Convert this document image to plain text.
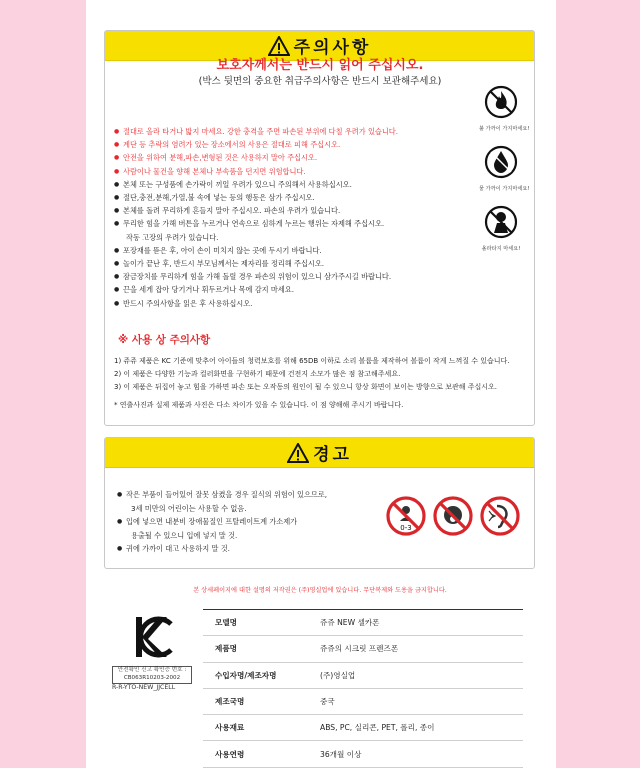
주의사항
보호자께서는 반드시 읽어 주십시오.
(박스 뒷면의 중요한 취급주의사항은 반드시 보관해주세요)
● 절대로 올라 타거나 밟지 마세요. 강한 충격을 주면 파손된 부위에 다칠 우려가 있습니다.
● 계단 등 추락의 염려가 있는 장소에서의 사용은 절대로 피해 주십시오.
● 안전을 위하여 분해,파손,변형된 것은 사용하지 말아 주십시오.
● 사람이나 물건을 향해 본체나 부속품을 던지면 위험합니다.
● 본체 또는 구성품에 손가락이 끼일 우려가 있으니 주의해서 사용하십시오.
● 절단,충전,분해,가열,불 속에 넣는 등의 행동은 삼가 주십시오.
● 본체를 돌려 무리하게 흔들지 말아 주십시오. 파손의 우려가 있습니다.
● 무리한 힘을 가해 버튼을 누르거나 연속으로 심하게 누르는 행위는 자제해 주십시오.
작동 고장의 우려가 있습니다.
● 포장재를 뜯은 후, 아이 손이 미치지 않는 곳에 두시기 바랍니다.
● 놀이가 끝난 후, 반드시 부모님께서는 제자리를 정리해 주십시오.
● 잠금장치를 무리하게 힘을 가해 돌릴 경우 파손의 위험이 있으니 삼가주시길 바랍니다.
● 끈을 세게 잡아 당기거나 휘두르거나 목에 감지 마세요.
● 반드시 주의사항을 읽은 후 사용하십시오.
불 가까이 가지마세요!
물 가까이 가지마세요!
올라타지 마세요!
※ 사용 상 주의사항
1) 쥬쥬 제품은 KC 기준에 맞추어 아이들의 청력보호를 위해 65DB 이하로 소리 볼륨을 제작하여 볼륨이 작게 느껴질 수 있습니다.
2) 이 제품은 다양한 기능과 컬러화면을 구현하기 때문에 건전지 소모가 많은 점 참고해주세요.
3) 이 제품은 뒤집어 놓고 힘을 가하면 파손 또는 오작동의 원인이 될 수 있으니 항상 화면이 보이는 방향으로 보관해 주십시오.
* 연출사진과 실제 제품과 사진은 다소 차이가 있을 수 있습니다. 이 점 양해해 주시기 바랍니다.
경고
● 작은 부품이 들어있어 잘못 삼켰을 경우 질식의 위험이 있으므로,
3세 미만의 어린이는 사용할 수 없음.
● 입에 넣으면 내분비 장애물질인 프탈레이트계 가소제가
용출될 수 있으니 입에 넣지 말 것.
● 귀에 가까이 대고 사용하지 말 것.
0-3
본 상세페이지에 대한 설명의 저작권은 (주)영실업에 있습니다. 무단복제와 도용을 금지합니다.
안전확인 신고 확인증 번호 :
CB063R10203-2002
R-R-YTO-NEW_JJCELL
모델명	쥬쥬 NEW 셀카폰
제품명	쥬쥬의 시크릿 프렌즈폰
수입자명/제조자명	(주)영실업
제조국명	중국
사용재료	ABS, PC, 실리콘, PET, 폴리, 종이
사용연령	36개월 이상
